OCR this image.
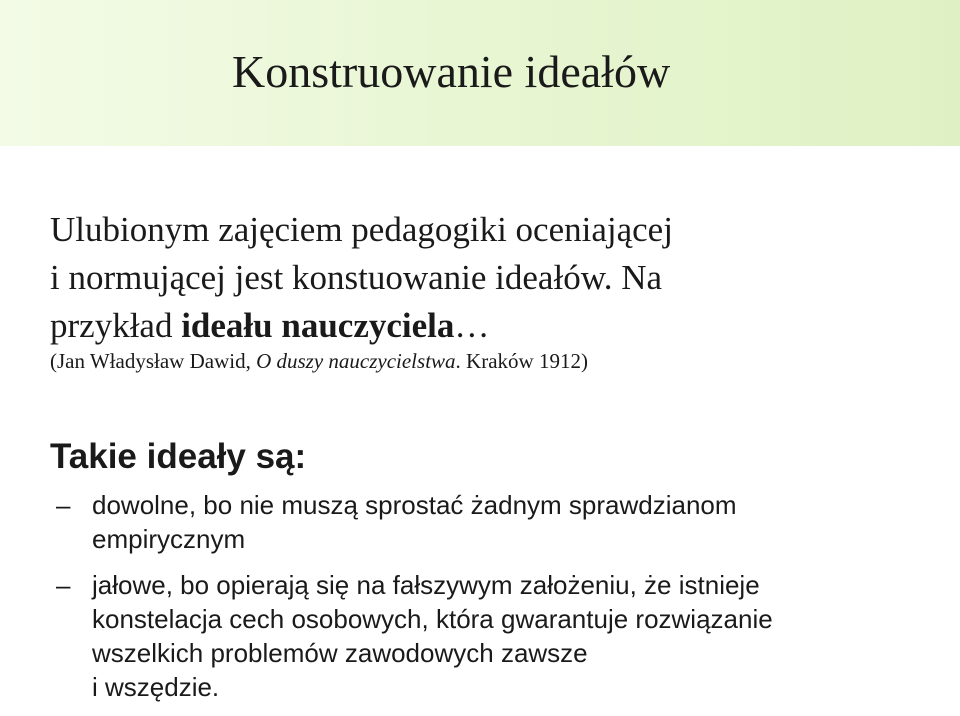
Konstruowanie ideałów

Ulubionym zajęciem pedagogiki oceniającej
i normującej jest konstuowanie ideałów. Na
przykład ideału nauczyciela…

(Jan Władysław Dawid, O duszy nauczycielstwa. Kraków 1912)

Takie ideały są:
– dowolne, bo nie muszą sprostać żadnym sprawdzianom
empirycznym
– jałowe, bo opierają się na fałszywym założeniu, że istnieje
konstelacja cech osobowych, która gwarantuje rozwiązanie
wszelkich problemów zawodowych zawsze
i wszędzie.
